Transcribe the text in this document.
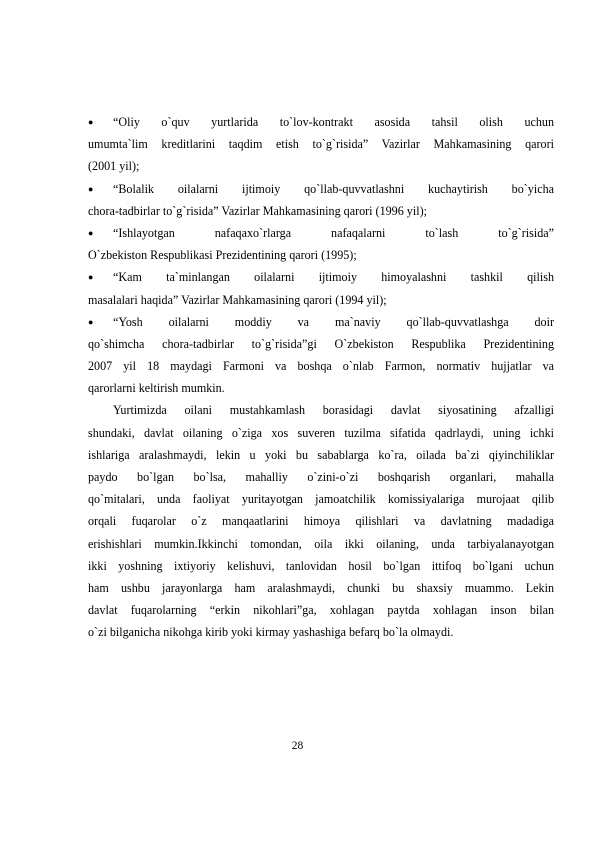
● “Oliy o`quv yurtlarida to`lov-kontrakt asosida tahsil olish uchun
umumta`lim kreditlarini taqdim etish to`g`risida” Vazirlar Mahkamasining qarori
(2001 yil);
● “Bolalik oilalarni ijtimoiy qo`llab-quvvatlashni kuchaytirish bo`yicha
chora-tadbirlar to`g`risida” Vazirlar Mahkamasining qarori (1996 yil);
● “Ishlayotgan nafaqaxo`rlarga nafaqalarni to`lash to`g`risida”
O`zbekiston Respublikasi Prezidentining qarori (1995);
● “Kam ta`minlangan oilalarni ijtimoiy himoyalashni tashkil qilish
masalalari haqida” Vazirlar Mahkamasining qarori (1994 yil);
● “Yosh oilalarni moddiy va ma`naviy qo`llab-quvvatlashga doir
qo`shimcha chora-tadbirlar to`g`risida”gi O`zbekiston Respublika Prezidentining
2007 yil 18 maydagi Farmoni va boshqa o`nlab Farmon, normativ hujjatlar va
qarorlarni keltirish mumkin.
Yurtimizda oilani mustahkamlash borasidagi davlat siyosatining afzalligi
shundaki, davlat oilaning o`ziga xos suveren tuzilma sifatida qadrlaydi, uning ichki
ishlariga aralashmaydi, lekin u yoki bu sabablarga ko`ra, oilada ba`zi qiyinchiliklar
paydo bo`lgan bo`lsa, mahalliy o`zini-o`zi boshqarish organlari, mahalla
qo`mitalari, unda faoliyat yuritayotgan jamoatchilik komissiyalariga murojaat qilib
orqali fuqarolar o`z manqaatlarini himoya qilishlari va davlatning madadiga
erishishlari mumkin.Ikkinchi tomondan, oila ikki oilaning, unda tarbiyalanayotgan
ikki yoshning ixtiyoriy kelishuvi, tanlovidan hosil bo`lgan ittifoq bo`lgani uchun
ham ushbu jarayonlarga ham aralashmaydi, chunki bu shaxsiy muammo. Lekin
davlat fuqarolarning “erkin nikohlari”ga, xohlagan paytda xohlagan inson bilan
o`zi bilganicha nikohga kirib yoki kirmay yashashiga befarq bo`la olmaydi.
28
